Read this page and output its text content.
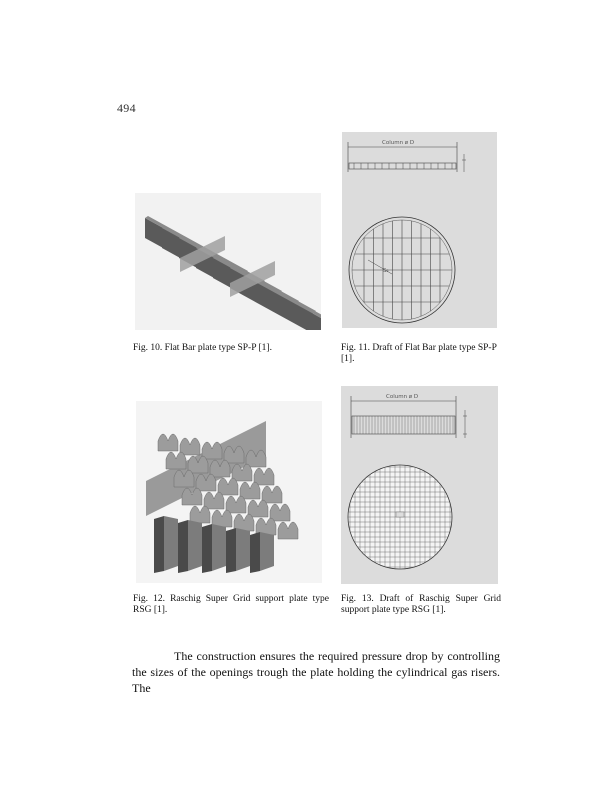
494
Column ø D
S₂
Fig. 10. Flat Bar plate type SP-P [1].	Fig. 11. Draft of Flat Bar plate type SP-P [1].
Column ø D
Fig. 12. Raschig Super Grid support plate type RSG [1].
Fig. 13. Draft of Raschig Super Grid support plate type RSG [1].

The construction ensures the required pressure drop by controlling the sizes of the openings trough the plate holding the cylindrical gas risers. The
